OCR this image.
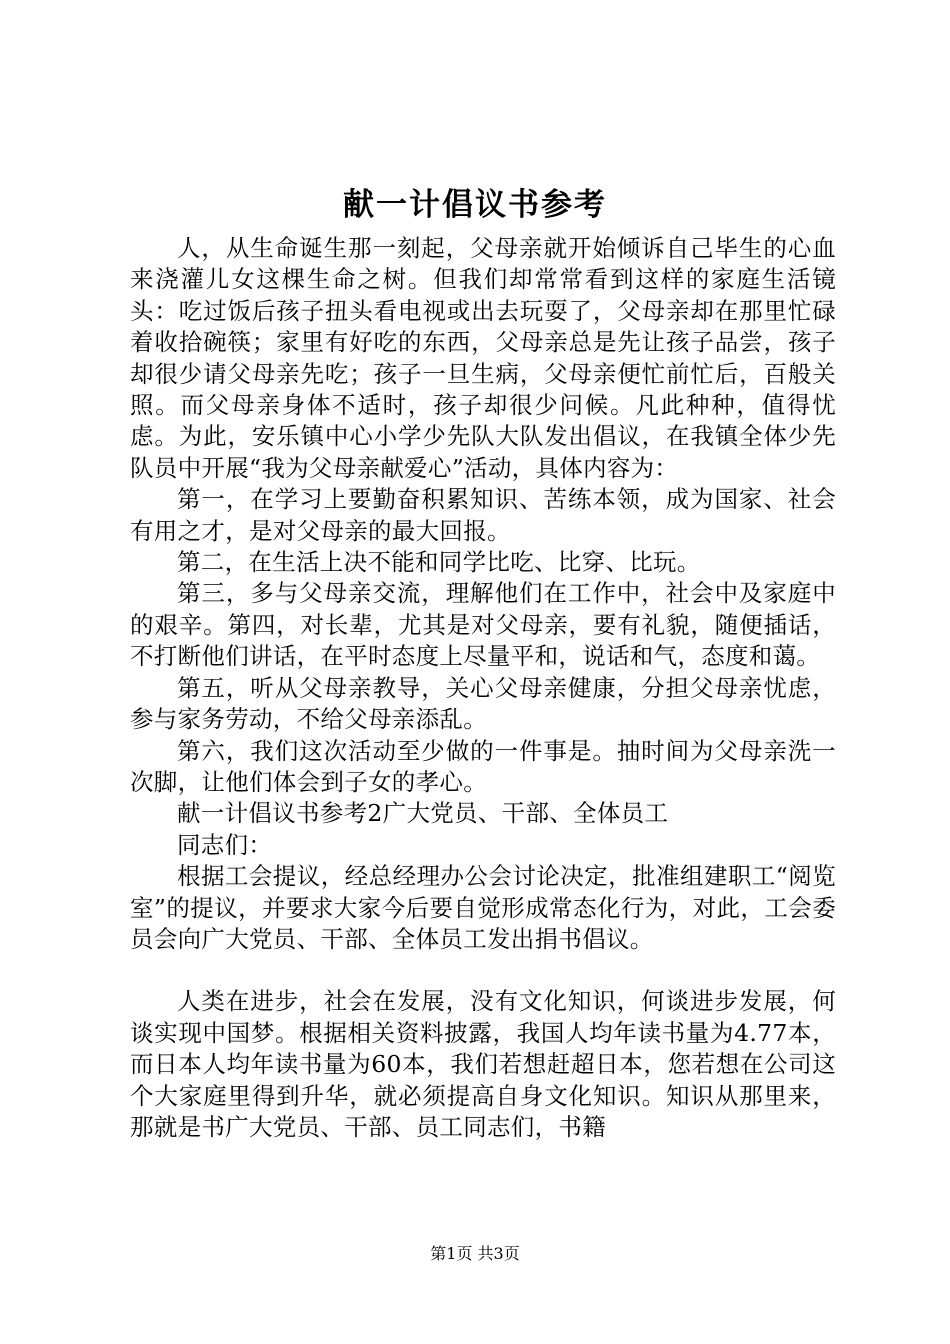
献一计倡议书参考

人，从生命诞生那一刻起，父母亲就开始倾诉自己毕生的心血来浇灌儿女这棵生命之树。但我们却常常看到这样的家庭生活镜头：吃过饭后孩子扭头看电视或出去玩耍了，父母亲却在那里忙碌着收拾碗筷；家里有好吃的东西，父母亲总是先让孩子品尝，孩子却很少请父母亲先吃；孩子一旦生病，父母亲便忙前忙后，百般关照。而父母亲身体不适时，孩子却很少问候。凡此种种，值得忧虑。为此，安乐镇中心小学少先队大队发出倡议，在我镇全体少先队员中开展“我为父母亲献爱心”活动，具体内容为：

第一，在学习上要勤奋积累知识、苦练本领，成为国家、社会有用之才，是对父母亲的最大回报。

第二，在生活上决不能和同学比吃、比穿、比玩。

第三，多与父母亲交流，理解他们在工作中，社会中及家庭中的艰辛。第四，对长辈，尤其是对父母亲，要有礼貌，随便插话，不打断他们讲话，在平时态度上尽量平和，说话和气，态度和蔼。

第五，听从父母亲教导，关心父母亲健康，分担父母亲忧虑，参与家务劳动，不给父母亲添乱。

第六，我们这次活动至少做的一件事是。抽时间为父母亲洗一次脚，让他们体会到子女的孝心。

献一计倡议书参考2广大党员、干部、全体员工

同志们：

根据工会提议，经总经理办公会讨论决定，批准组建职工“阅览室”的提议，并要求大家今后要自觉形成常态化行为，对此，工会委员会向广大党员、干部、全体员工发出捐书倡议。

人类在进步，社会在发展，没有文化知识，何谈进步发展，何谈实现中国梦。根据相关资料披露，我国人均年读书量为4.77本，而日本人均年读书量为60本，我们若想赶超日本，您若想在公司这个大家庭里得到升华，就必须提高自身文化知识。知识从那里来，那就是书广大党员、干部、员工同志们，书籍

第1页 共3页
